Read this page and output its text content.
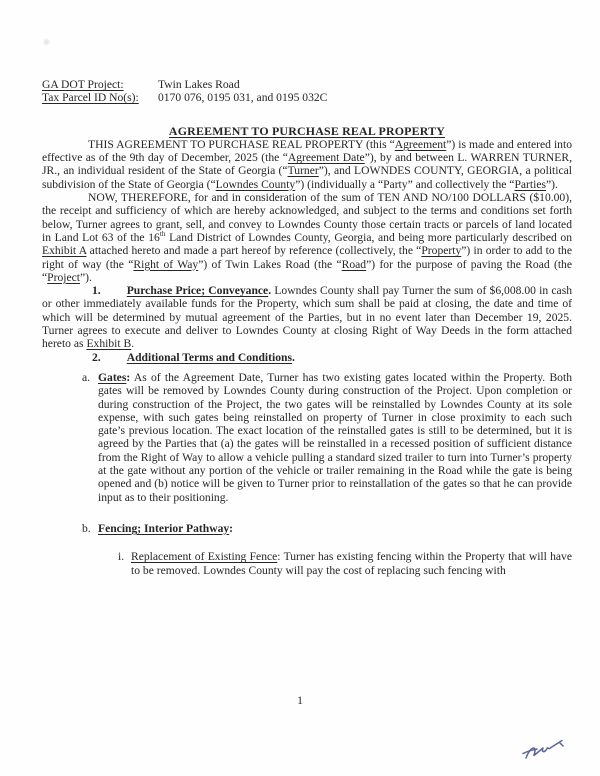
GA DOT Project:	Twin Lakes Road
Tax Parcel ID No(s): 0170 076, 0195 031, and 0195 032C
AGREEMENT TO PURCHASE REAL PROPERTY

THIS AGREEMENT TO PURCHASE REAL PROPERTY (this “Agreement”) is made and entered into effective as of the 9th day of December, 2025 (the “Agreement Date”), by and between L. WARREN TURNER, JR., an individual resident of the State of Georgia (“Turner”), and LOWNDES COUNTY, GEORGIA, a political subdivision of the State of Georgia (“Lowndes County”) (individually a “Party” and collectively the “Parties”).

NOW, THEREFORE, for and in consideration of the sum of TEN AND NO/100 DOLLARS ($10.00), the receipt and sufficiency of which are hereby acknowledged, and subject to the terms and conditions set forth below, Turner agrees to grant, sell, and convey to Lowndes County those certain tracts or parcels of land located in Land Lot 63 of the 16th Land District of Lowndes County, Georgia, and being more particularly described on Exhibit A attached hereto and made a part hereof by reference (collectively, the “Property”) in order to add to the right of way (the “Right of Way”) of Twin Lakes Road (the “Road”) for the purpose of paving the Road (the “Project”).

1. Purchase Price; Conveyance. Lowndes County shall pay Turner the sum of $6,008.00 in cash or other immediately available funds for the Property, which sum shall be paid at closing, the date and time of which will be determined by mutual agreement of the Parties, but in no event later than December 19, 2025. Turner agrees to execute and deliver to Lowndes County at closing Right of Way Deeds in the form attached hereto as Exhibit B.

2. Additional Terms and Conditions.

a. Gates: As of the Agreement Date, Turner has two existing gates located within the Property. Both gates will be removed by Lowndes County during construction of the Project. Upon completion or during construction of the Project, the two gates will be reinstalled by Lowndes County at its sole expense, with such gates being reinstalled on property of Turner in close proximity to each such gate’s previous location. The exact location of the reinstalled gates is still to be determined, but it is agreed by the Parties that (a) the gates will be reinstalled in a recessed position of sufficient distance from the Right of Way to allow a vehicle pulling a standard sized trailer to turn into Turner’s property at the gate without any portion of the vehicle or trailer remaining in the Road while the gate is being opened and (b) notice will be given to Turner prior to reinstallation of the gates so that he can provide input as to their positioning.
b. Fencing; Interior Pathway:
i. Replacement of Existing Fence: Turner has existing fencing within the Property that will have to be removed. Lowndes County will pay the cost of replacing such fencing with
1
